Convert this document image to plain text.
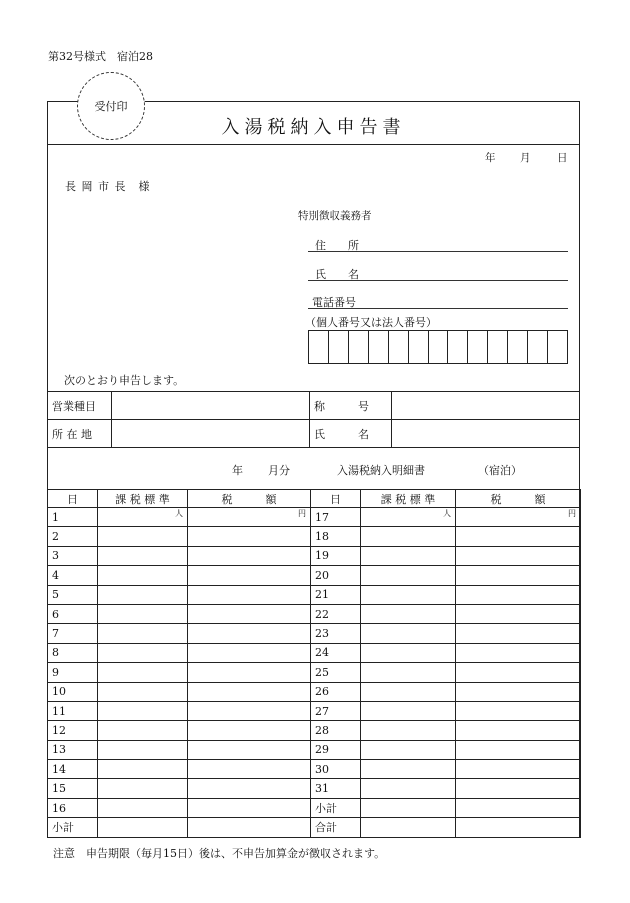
第32号様式　宿泊28
入湯税納入申告書
受付印
年 月	日
長 岡 市 長　様
特別徴収義務者
住　　所
氏　　名
電話番号
（個人番号又は法人番号）
次のとおり申告します。
営業種目		称　　　号	
所 在 地		氏　　　名	
年 月分	入湯税納入明細書	（宿泊）
日	課 税 標 準	税　　　額	日	課 税 標 準	税　　　額
1	人	円	17	人	円

2			18		
3			19		
4			20		
5			21		
6			22		
7			23		
8			24		
9			25		
10			26		
11			27		
12			28		
13			29		
14			30		
15			31		
16			小計		
小計			合計		
注意　申告期限（毎月15日）後は、不申告加算金が徴収されます。
